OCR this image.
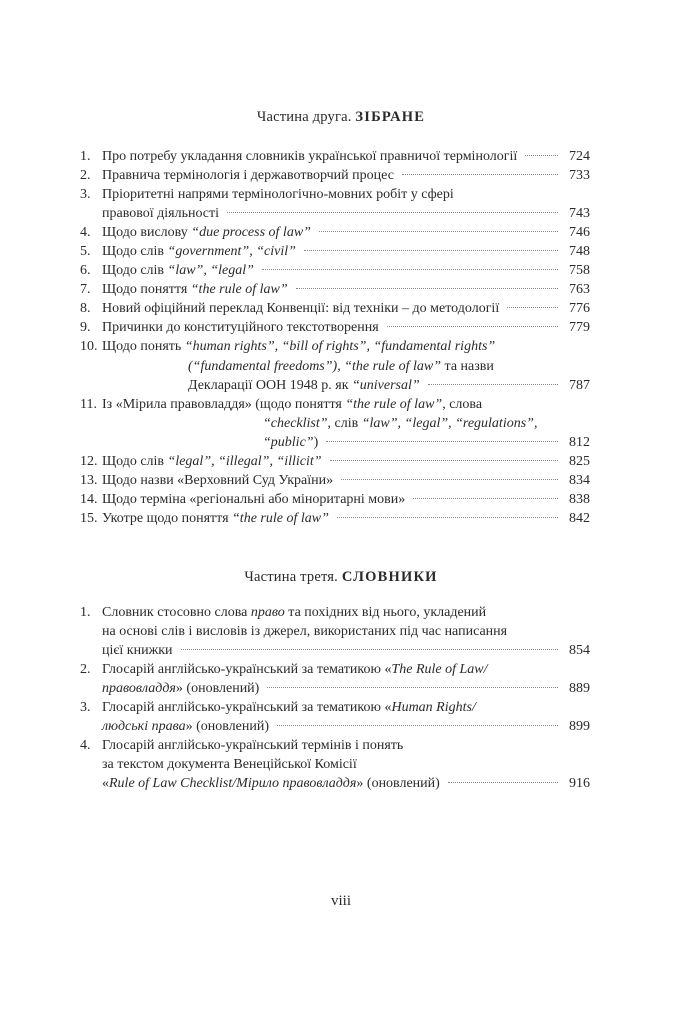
Частина друга. ЗІБРАНЕ
1. Про потребу укладання словників української правничої термінології	724
2. Правнича термінологія і державотворчий процес	733
3. Пріоритетні напрями термінологічно-мовних робіт у сфері
правової діяльності	743
4. Щодо вислову “due process of law”	746
5. Щодо слів “government”, “civil”	748
6. Щодо слів “law”, “legal”	758
7. Щодо поняття “the rule of law”	763
8. Новий офіційний переклад Конвенції: від техніки – до методології	776
9. Причинки до конституційного текстотворення	779
10. Щодо понять “human rights”, “bill of rights”, “fundamental rights”
(“fundamental freedoms”), “the rule of law” та назви
Декларації ООН 1948 р. як “universal”	787
11. Із «Мірила правовладдя» (щодо поняття “the rule of law”, слова
“checklist”, слів “law”, “legal”, “regulations”,
“public”)	812
12. Щодо слів “legal”, “illegal”, “illicit”	825
13. Щодо назви «Верховний Суд України»	834
14. Щодо терміна «регіональні або міноритарні мови»	838
15. Укотре щодо поняття “the rule of law”	842
Частина третя. СЛОВНИКИ
1. Словник стосовно слова право та похідних від нього, укладений
на основі слів і висловів із джерел, використаних під час написання
цієї книжки	854
2. Глосарій англійсько-український за тематикою «The Rule of Law/
правовладдя» (оновлений)	889
3. Глосарій англійсько-український за тематикою «Human Rights/
людські права» (оновлений)	899
4. Глосарій англійсько-український термінів і понять
за текстом документа Венеційської Комісії
«Rule of Law Checklist/Мірило правовладдя» (оновлений)	916
viii
